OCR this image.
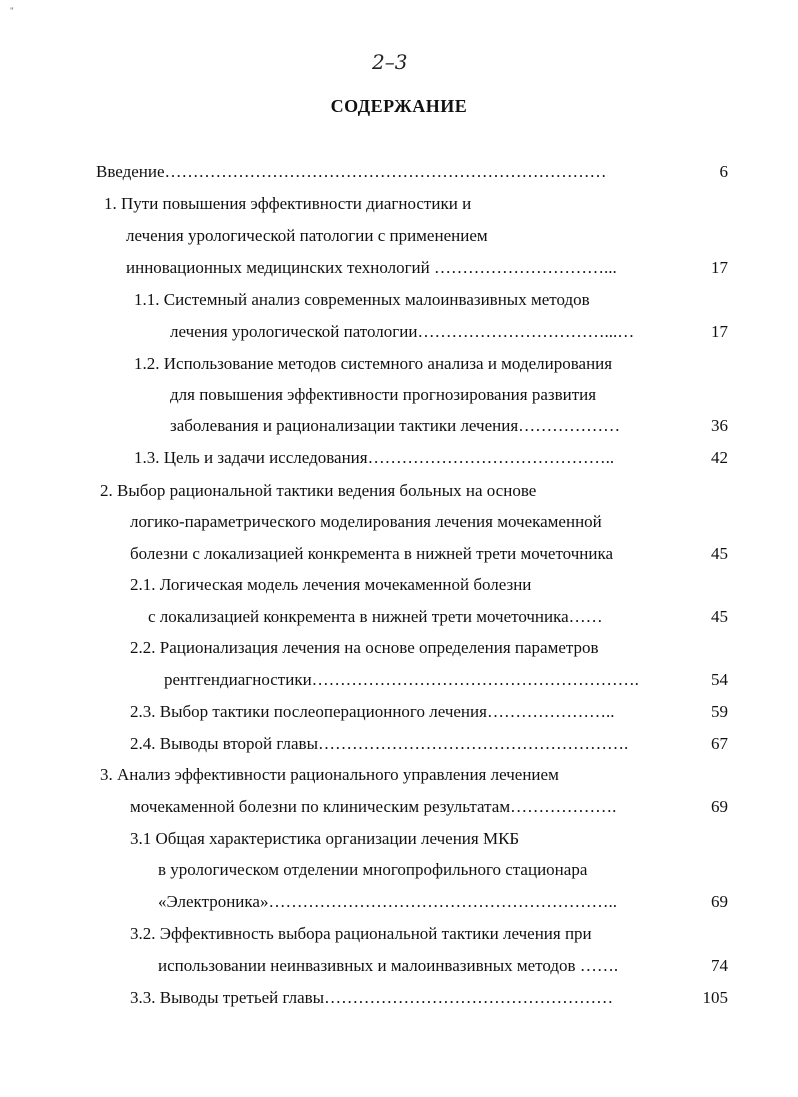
"
2–3
СОДЕРЖАНИЕ
Введение……………………………………………………………………	6
1. Пути повышения эффективности диагностики и
лечения урологической патологии с применением
инновационных медицинских технологий …………………………...	17
1.1. Системный анализ современных малоинвазивных методов
лечения урологической патологии……………………………...…	17
1.2. Использование методов системного анализа и моделирования
для повышения эффективности прогнозирования развития
заболевания и рационализации тактики лечения………………	36
1.3. Цель и задачи исследования……………………………………..	42
2. Выбор рациональной тактики ведения больных на основе
логико-параметрического моделирования лечения мочекаменной
болезни с локализацией конкремента в нижней трети мочеточника	45
2.1. Логическая модель лечения мочекаменной болезни
с локализацией конкремента в нижней трети мочеточника……	45
2.2. Рационализация лечения на основе определения параметров
рентгендиагностики………………………………………………….	54
2.3. Выбор тактики послеоперационного лечения…………………..	59
2.4. Выводы второй главы……………………………………………….	67
3. Анализ эффективности рационального управления лечением
мочекаменной болезни по клиническим результатам……………….	69
3.1 Общая характеристика организации лечения МКБ
в урологическом отделении многопрофильного стационара
«Электроника»……………………………………………………..	69
3.2. Эффективность выбора рациональной тактики лечения при
использовании неинвазивных и малоинвазивных методов …….	74
3.3. Выводы третьей главы……………………………………………	105
